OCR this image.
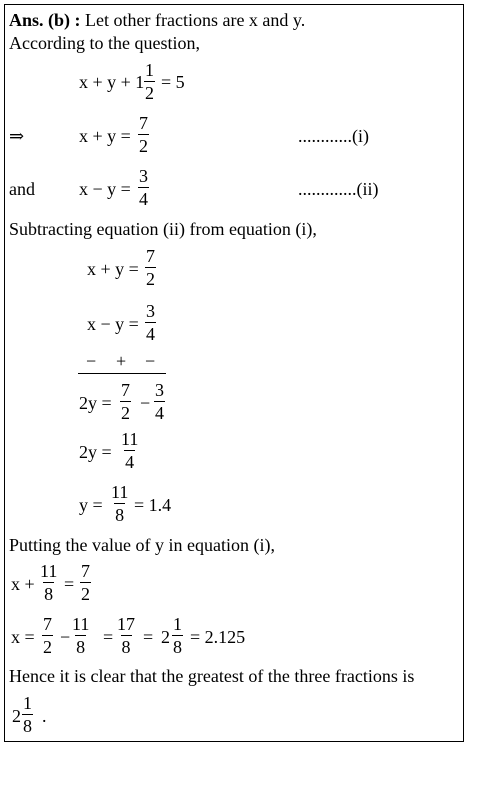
Ans. (b) : Let other fractions are x and y.
According to the question,
$x + y + 1 \frac{1}{2} = 5$
⇒	$x + y = \frac{7}{2}$	............(i)
and $x - y = \frac{3}{4}$	.............(ii)
Subtracting equation (ii) from equation (i),
$x + y = \frac{7}{2}$
$x - y = \frac{3}{4}$
− + −
$2y = \frac{7}{2} - \frac{3}{4}$
$2y = \frac{11}{4}$
$y = \frac{11}{8} = 1.4$
Putting the value of y in equation (i),
$x + \frac{11}{8} = \frac{7}{2}$
$x = \frac{7}{2} - \frac{11}{8} = \frac{17}{8} = 2 \frac{1}{8} = 2.125$
Hence it is clear that the greatest of the three fractions is
$2 \frac{1}{8}$ .
